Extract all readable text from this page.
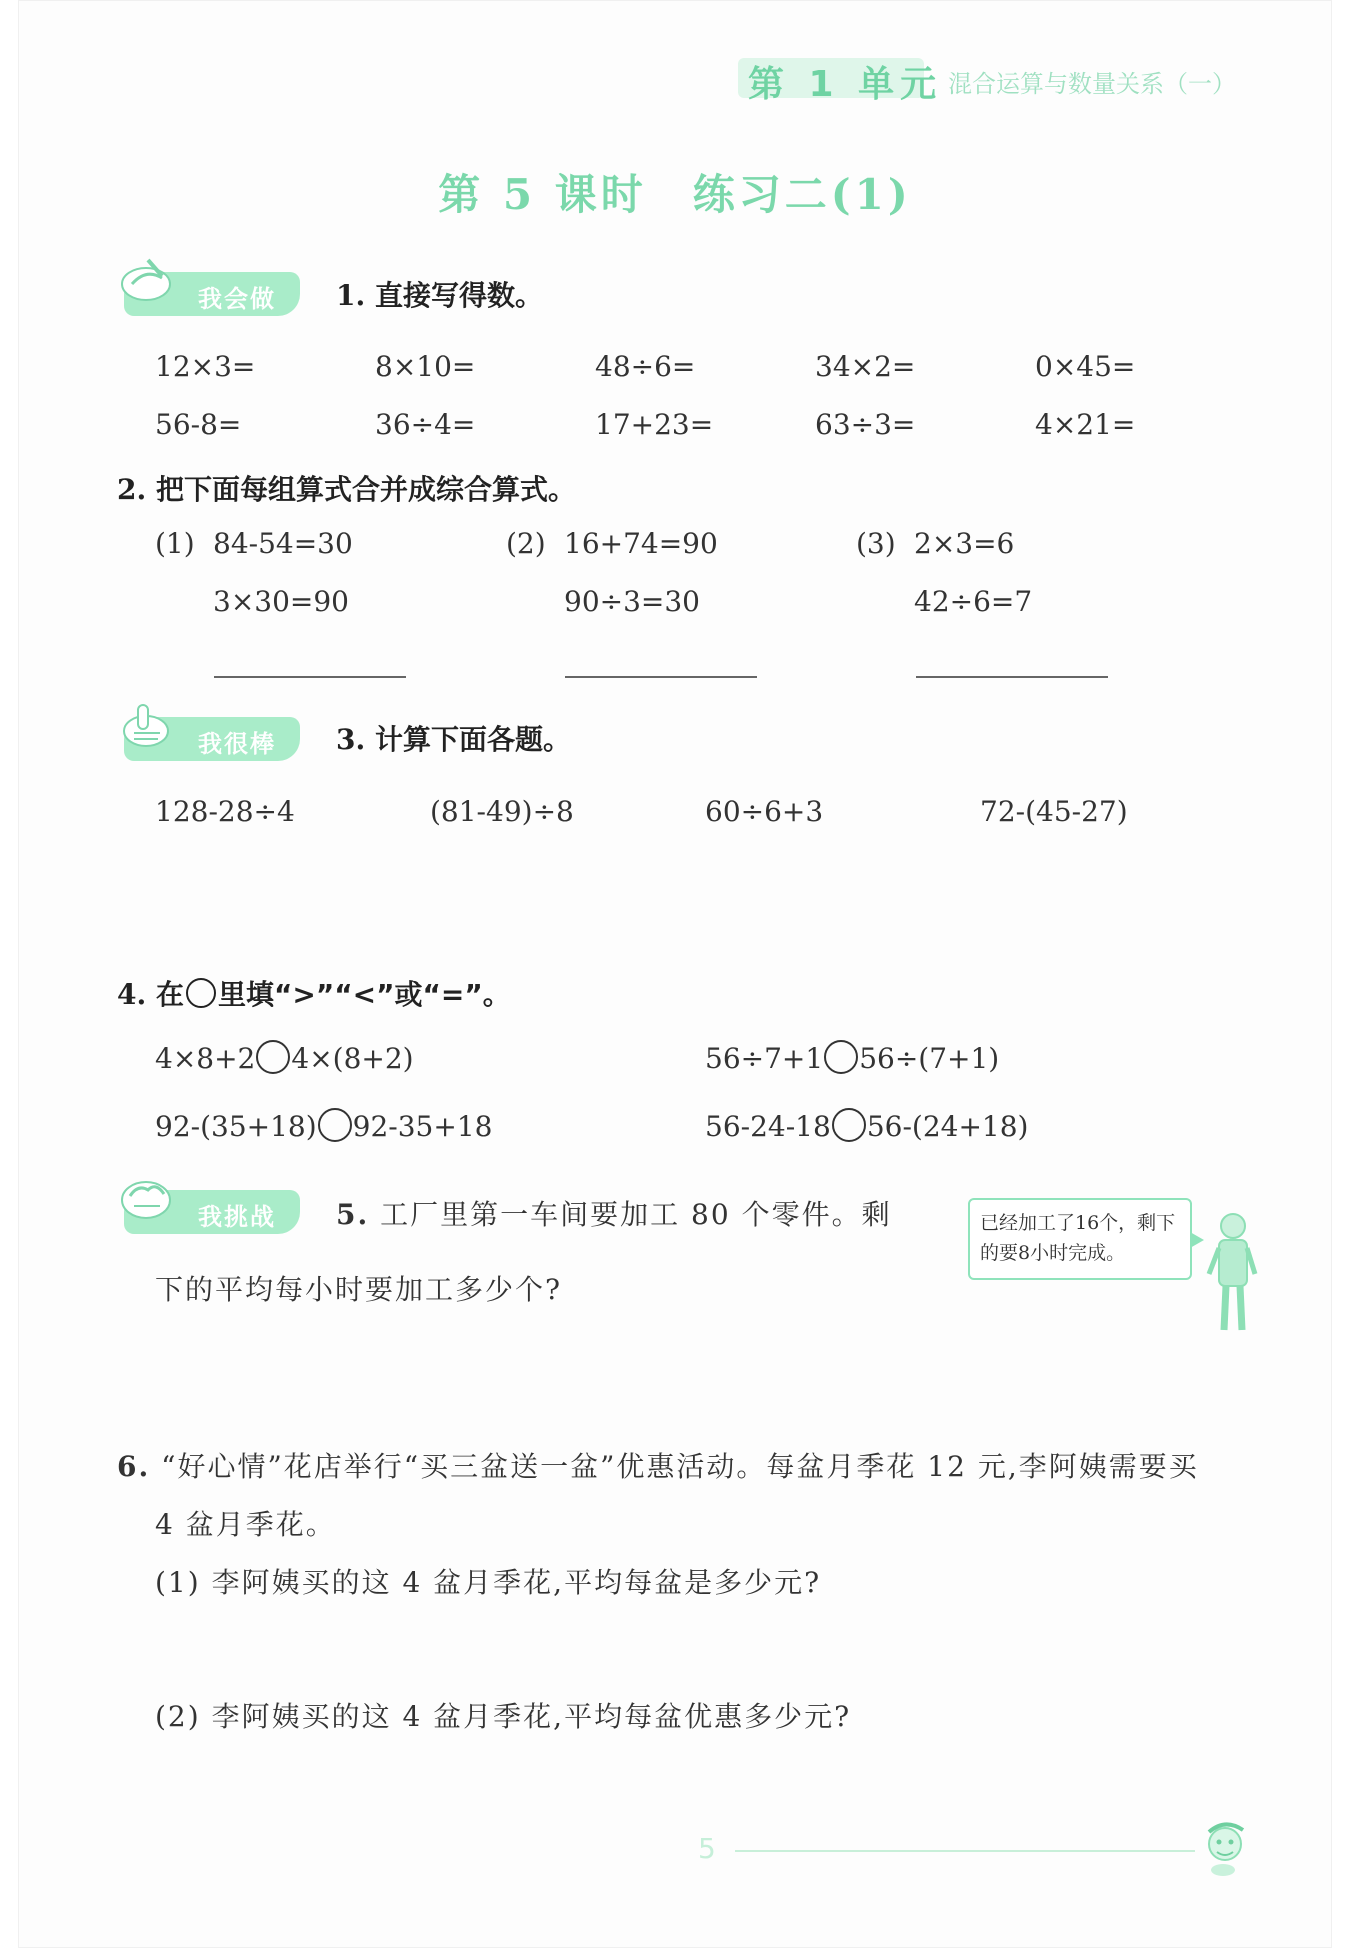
第 1 单元 混合运算与数量关系（一）
第 5 课时　练习二(1)
我会做 1. 直接写得数。
12×3=	8×10=	48÷6=	34×2=	0×45=
56-8=	36÷4=	17+23=	63÷3=	4×21=
2. 把下面每组算式合并成综合算式。
(1) 84-54=30
3×30=90
(2) 16+74=90
90÷3=30
(3) 2×3=6
42÷6=7
我很棒 3. 计算下面各题。
128-28÷4	(81-49)÷8	60÷6+3	72-(45-27)
4. 在 里填“>”“<”或“=”。
4×8+2 4×(8+2)	56÷7+1 56÷(7+1)
92-(35+18) 92-35+18	56-24-18 56-(24+18)
我挑战 5. 工厂里第一车间要加工 80 个零件。剩
下的平均每小时要加工多少个?
已经加工了16个，剩下的要8小时完成。
6. “好心情”花店举行“买三盆送一盆”优惠活动。每盆月季花 12 元,李阿姨需要买
4 盆月季花。
(1) 李阿姨买的这 4 盆月季花,平均每盆是多少元?
(2) 李阿姨买的这 4 盆月季花,平均每盆优惠多少元?
5
